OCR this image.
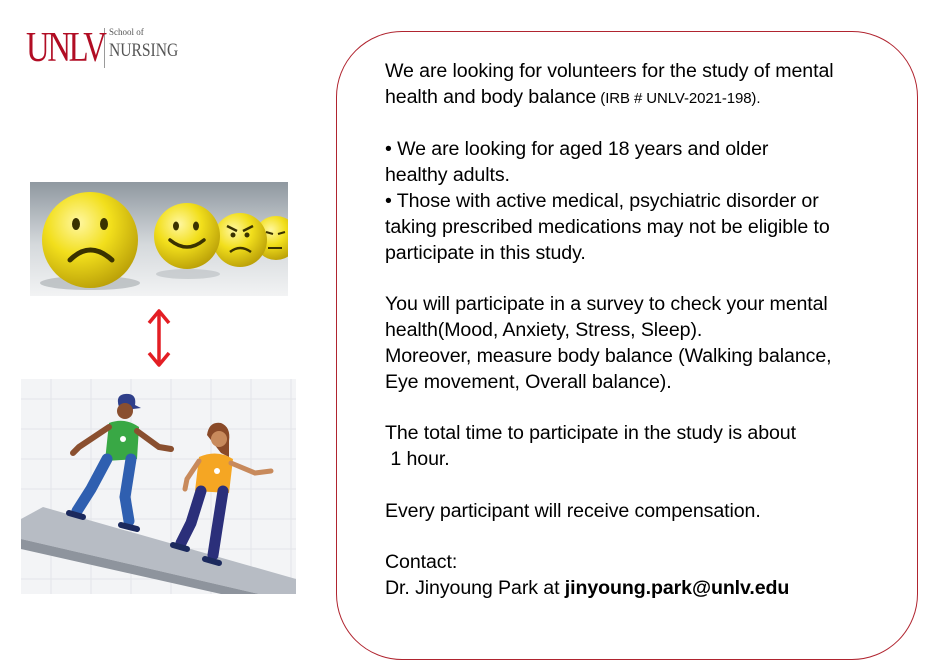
UNLV School of
NURSING

We are looking for volunteers for the study of mental

health and body balance (IRB # UNLV-2021-198).

• We are looking for aged 18 years and older

healthy adults.

• Those with active medical, psychiatric disorder or

taking prescribed medications may not be eligible to

participate in this study.

You will participate in a survey to check your mental

health(Mood, Anxiety, Stress, Sleep).

Moreover, measure body balance (Walking balance,

Eye movement, Overall balance).

The total time to participate in the study is about

1 hour.

Every participant will receive compensation.

Contact:

Dr. Jinyoung Park at jinyoung.park@unlv.edu
